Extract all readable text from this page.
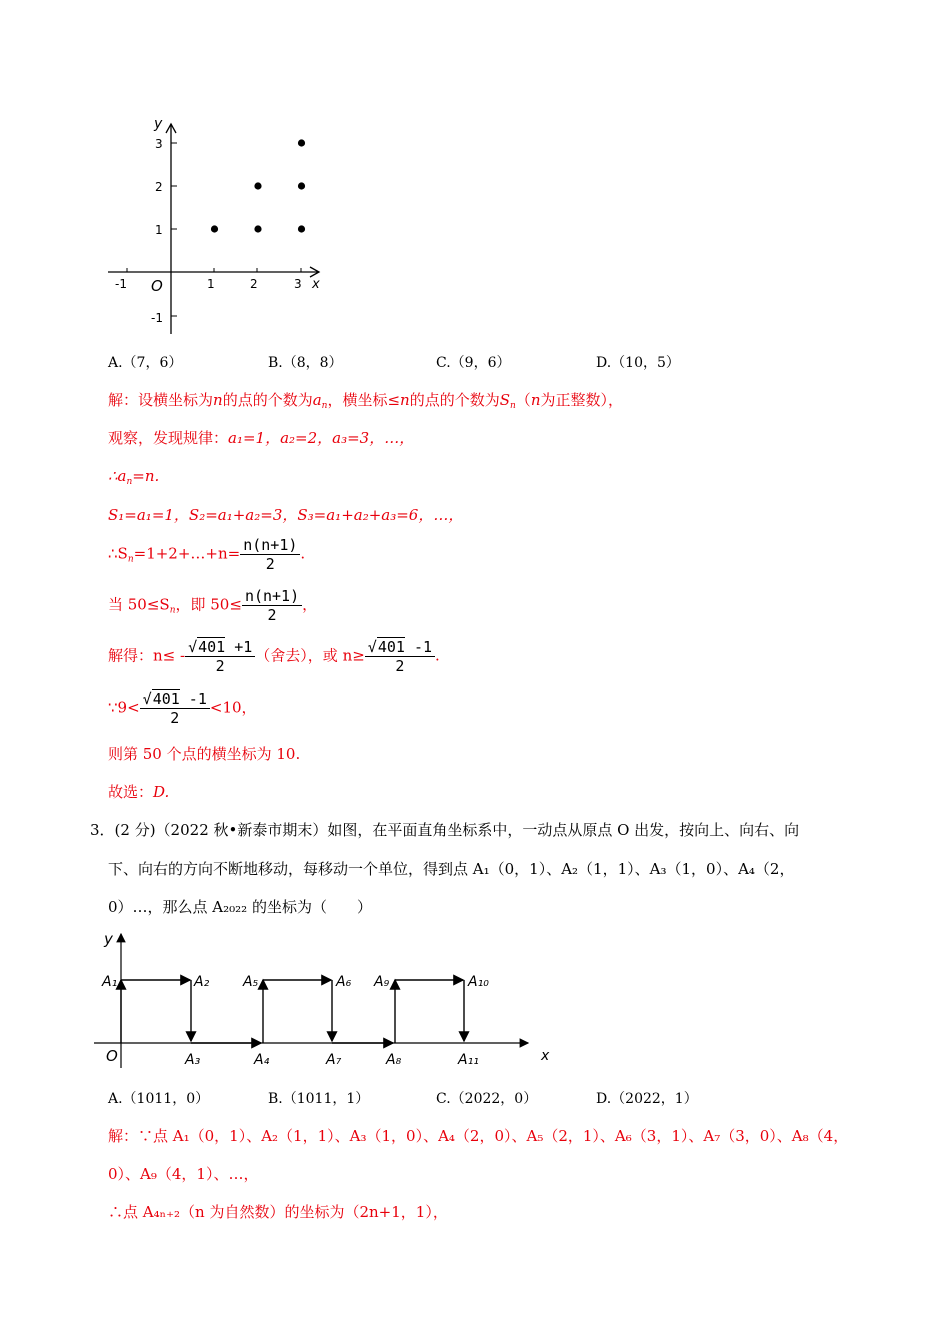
y
x
O
-1	1	2	3
3
2
1
-1
A.（7，6）	B.（8，8）	C.（9，6）	D.（10，5）
解：设横坐标为n的点的个数为$a_n$，横坐标≤n的点的个数为$S_n(n$为正整数），
观察，发现规律：a₁=1，a₂=2，a₃=3，…，
$\therefore a_n=n$.
S₁=a₁=1，S₂=a₁+a₂=3，S₃=a₁+a₂+a₃=6，…，
$\therefore S_n=1+2+\dots+n= \frac{n(n+1)}{2}$ .
当 $50\le S_n$，即 $50\le \frac{n(n+1)}{2}$ ，
解得：$n\le - \frac{√401 +1}{2}$ （舍去），或 $n\ge \frac{√401 -1}{2}$ .
∵9< $\frac{√401 -1}{2} <10$，
则第 50 个点的横坐标为 10.
故选：D.
3．(2 分)（2022 秋•新泰市期末）如图，在平面直角坐标系中，一动点从原点 O 出发，按向上、向右、向
下、向右的方向不断地移动，每移动一个单位，得到点 A₁（0，1）、A₂（1，1）、A₃（1，0）、A₄（2，
0）…，那么点 A₂₀₂₂ 的坐标为（　　）
y
x
O
A₁	A₂
A₃	A₄
A₅	A₆
A₇	A₈
A₉	A₁₀
A₁₁
A.（1011，0）	B.（1011，1）	C.（2022，0）	D.（2022，1）
解：∵点 A₁（0，1）、A₂（1，1）、A₃（1，0）、A₄（2，0）、A₅（2，1）、A₆（3，1）、A₇（3，0）、A₈（4，
0）、A₉（4，1）、…，
∴点 A₄ₙ₊₂（n 为自然数）的坐标为（2n+1，1），
